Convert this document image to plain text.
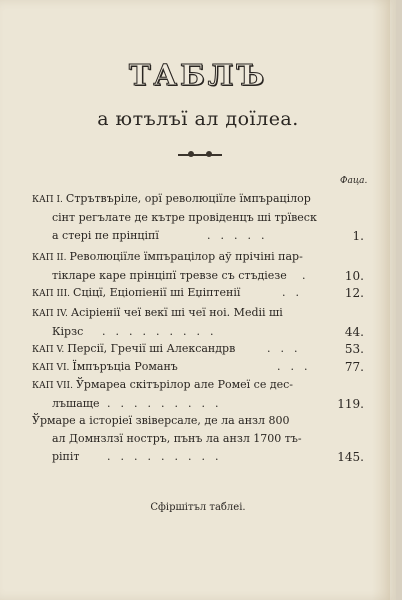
ТАБЛЪ
а ютълъї ал доїлеа.
Фаца.
КАП І. Стрътвъріле, орї революціїле їмпърацілор
сінт регълате де кътре провіденцъ ші трївеск
а стері пе прінціпї	.....	1.
КАП ІІ. Революціїле їмпърацілор аў прічіні пар-
тікларе каре прінціпї тревзе съ стъдіезе . 10.
КАП ІІІ. Сціцї, Еціопіенії ші Еџіптенії	..	12.
КАП ІV. Асіріенії чеї векї ші чеї ноі. Medіі ші
Кірзс .........	44.
КАП V. Персії, Гречії ші Александрв	...	53.
КАП VІ. Їмпъръціа Романъ	... 77.
КАП VІІ. Ўрмареа скітърілор але Ромеї се дес-
лъшаще .........	119.
Ўрмаре а історіеї звіверсале, де ла анзл 800
ал Домнзлзї ностръ, пънъ ла анзл 1700 тъ-
ріпіт	.........	145.
Сфіршітъл таблеі.
